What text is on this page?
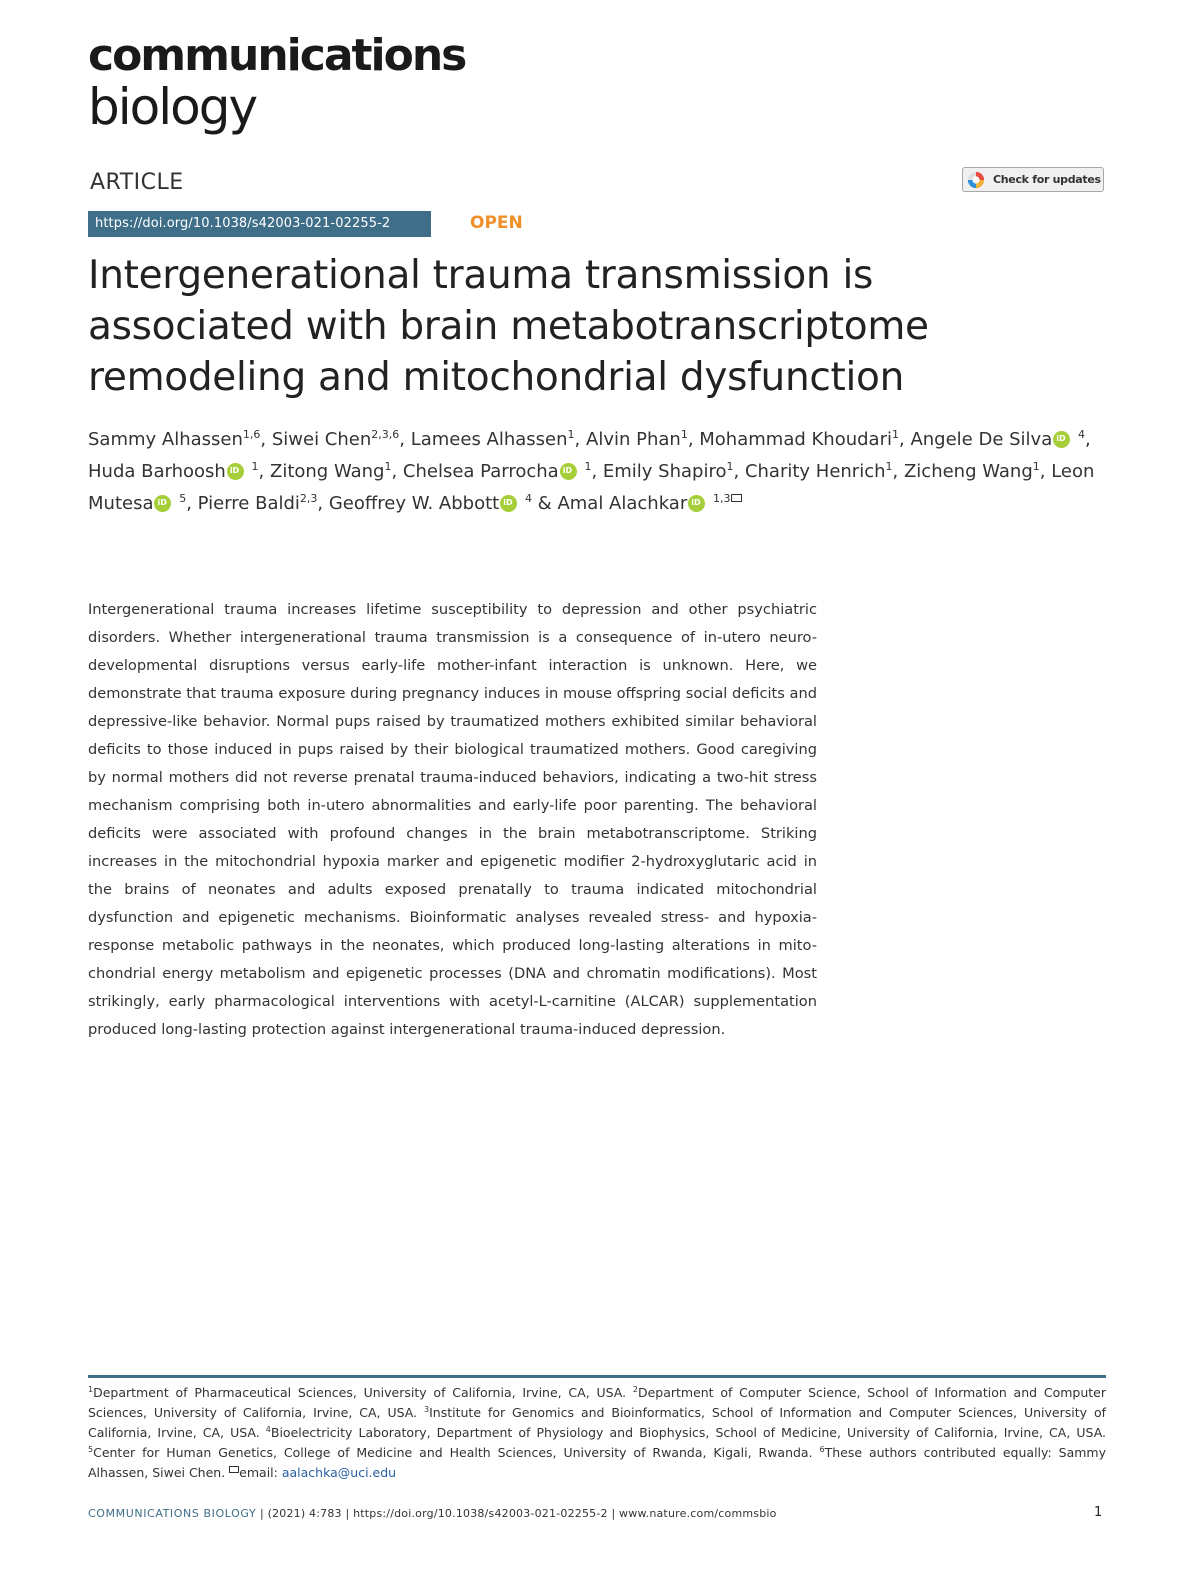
communications
biology
ARTICLE	Check for updates
https://doi.org/10.1038/s42003-021-02255-2	OPEN
Intergenerational trauma transmission is associated with brain metabotranscriptome remodeling and mitochondrial dysfunction
Sammy Alhassen$^{1,6}$, Siwei Chen$^{2,3,6}$, Lamees Alhassen$^1$, Alvin Phan$^1$, Mohammad Khoudari$^1$, Angele De Silva iD $^4$, Huda Barhoosh iD $^1$, Zitong Wang$^1$, Chelsea Parrocha iD $^1$, Emily Shapiro$^1$, Charity Henrich$^1$, Zicheng Wang$^1$, Leon Mutesa iD $^5$, Pierre Baldi$^{2,3}$, Geoffrey W. Abbott iD $^4$ & Amal Alachkar iD $^{1,3}$

Intergenerational trauma increases lifetime susceptibility to depression and other psychiatric disorders. Whether intergenerational trauma transmission is a consequence of in-utero neuro-developmental disruptions versus early-life mother-infant interaction is unknown. Here, we demonstrate that trauma exposure during pregnancy induces in mouse offspring social deficits and depressive-like behavior. Normal pups raised by traumatized mothers exhibited similar behavioral deficits to those induced in pups raised by their biological traumatized mothers. Good caregiving by normal mothers did not reverse prenatal trauma-induced behaviors, indicating a two-hit stress mechanism comprising both in-utero abnormalities and early-life poor parenting. The behavioral deficits were associated with profound changes in the brain metabotranscriptome. Striking increases in the mitochondrial hypoxia marker and epigenetic modifier 2-hydroxyglutaric acid in the brains of neonates and adults exposed prenatally to trauma indicated mitochondrial dysfunction and epigenetic mechanisms. Bioinformatic analyses revealed stress- and hypoxia-response metabolic pathways in the neonates, which produced long-lasting alterations in mito-chondrial energy metabolism and epigenetic processes (DNA and chromatin modifications). Most strikingly, early pharmacological interventions with acetyl-L-carnitine (ALCAR) supplementation produced long-lasting protection against intergenerational trauma-induced depression.

$^1$Department of Pharmaceutical Sciences, University of California, Irvine, CA, USA. $^2$Department of Computer Science, School of Information and Computer Sciences, University of California, Irvine, CA, USA. $^3$Institute for Genomics and Bioinformatics, School of Information and Computer Sciences, University of California, Irvine, CA, USA. $^4$Bioelectricity Laboratory, Department of Physiology and Biophysics, School of Medicine, University of California, Irvine, CA, USA. $^5$Center for Human Genetics, College of Medicine and Health Sciences, University of Rwanda, Kigali, Rwanda. $^6$These authors contributed equally: Sammy Alhassen, Siwei Chen. email: aalachka@uci.edu
COMMUNICATIONS BIOLOGY | (2021) 4:783 | https://doi.org/10.1038/s42003-021-02255-2 | www.nature.com/commsbio	1
